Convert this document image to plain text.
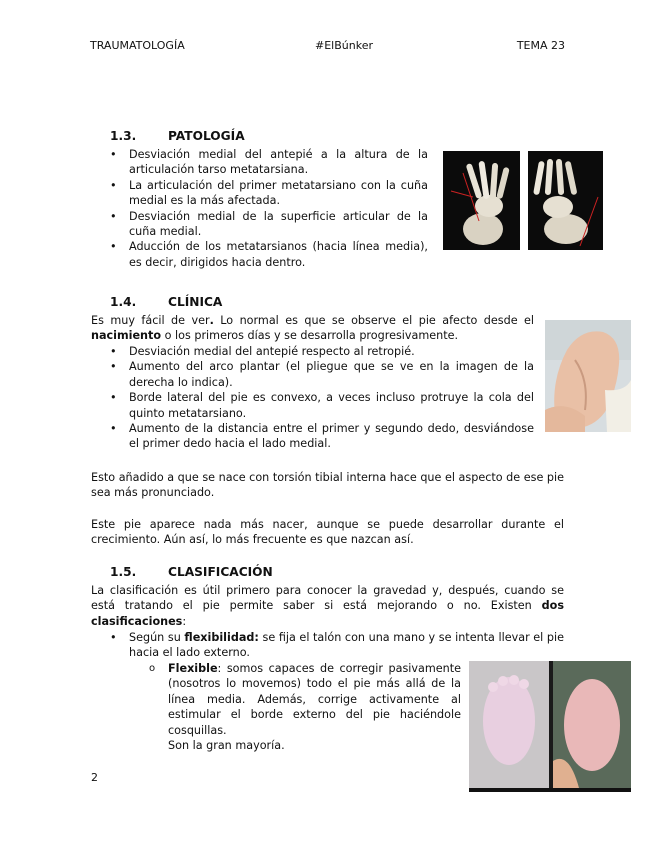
TRAUMATOLOGÍA	#ElBúnker	TEMA 23
1.3.	PATOLOGÍA
• Desviación medial del antepié a la altura de la articulación tarso metatarsiana.
• La articulación del primer metatarsiano con la cuña medial es la más afectada.
• Desviación medial de la superficie articular de la cuña medial.
• Aducción de los metatarsianos (hacia línea media), es decir, dirigidos hacia dentro.
1.4.	CLÍNICA

Es muy fácil de ver. Lo normal es que se observe el pie afecto desde el nacimiento o los primeros días y se desarrolla progresivamente.

• Desviación medial del antepié respecto al retropié.
• Aumento del arco plantar (el pliegue que se ve en la imagen de la derecha lo indica).
• Borde lateral del pie es convexo, a veces incluso protruye la cola del quinto metatarsiano.
• Aumento de la distancia entre el primer y segundo dedo, desviándose el primer dedo hacia el lado medial.
Esto añadido a que se nace con torsión tibial interna hace que el aspecto de ese pie sea más pronunciado.
Este pie aparece nada más nacer, aunque se puede desarrollar durante el crecimiento. Aún así, lo más frecuente es que nazcan así.
1.5.	CLASIFICACIÓN

La clasificación es útil primero para conocer la gravedad y, después, cuando se está tratando el pie permite saber si está mejorando o no. Existen dos clasificaciones:

• Según su flexibilidad: se fija el talón con una mano y se intenta llevar el pie hacia el lado externo.
o Flexible: somos capaces de corregir pasivamente (nosotros lo movemos) todo el pie más allá de la línea media. Además, corrige activamente al estimular el borde externo del pie haciéndole cosquillas.

Son la gran mayoría.

2
